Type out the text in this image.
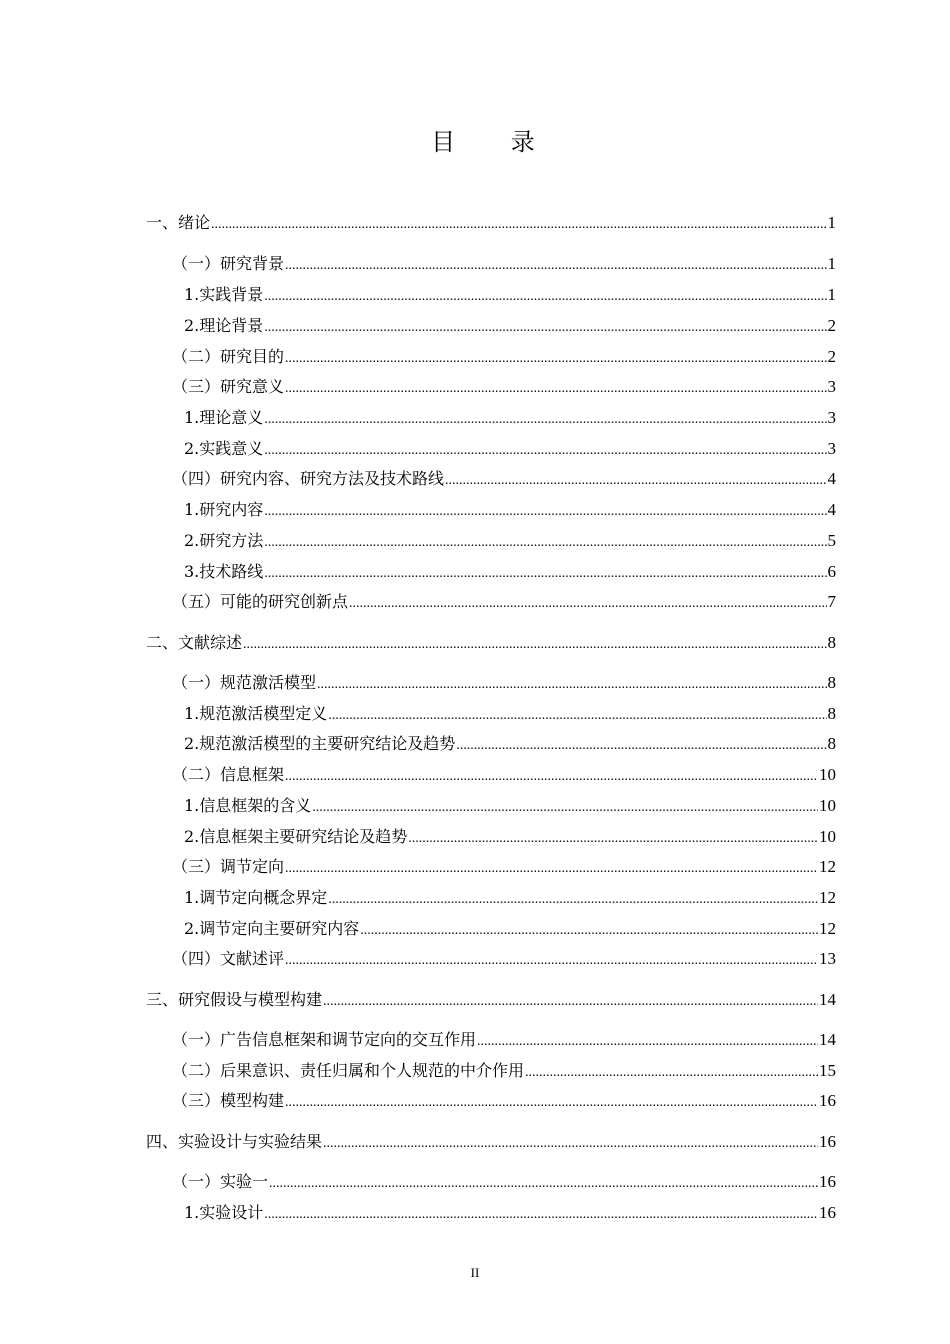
目 录
一、绪论 .....	1
（一）研究背景 .....	1
1.实践背景 .....	1
2.理论背景 .....	2
（二）研究目的 .....	2
（三）研究意义 .....	3
1.理论意义 .....	3
2.实践意义 .....	3
（四）研究内容、研究方法及技术路线 .....	4
1.研究内容 .....	4
2.研究方法 .....	5
3.技术路线 .....	6
（五）可能的研究创新点 .....	7
二、文献综述 .....	8
（一）规范激活模型 .....	8
1.规范激活模型定义 .....	8
2.规范激活模型的主要研究结论及趋势 .....	8
（二）信息框架 .....	10
1.信息框架的含义 .....	10
2.信息框架主要研究结论及趋势 .....	10
（三）调节定向 .....	12
1.调节定向概念界定 .....	12
2.调节定向主要研究内容 .....	12
（四）文献述评 .....	13
三、研究假设与模型构建 .....	14
（一）广告信息框架和调节定向的交互作用 .....	14
（二）后果意识、责任归属和个人规范的中介作用 .....	15
（三）模型构建 .....	16
四、实验设计与实验结果 .....	16
（一）实验一 .....	16
1.实验设计 .....	16
II
